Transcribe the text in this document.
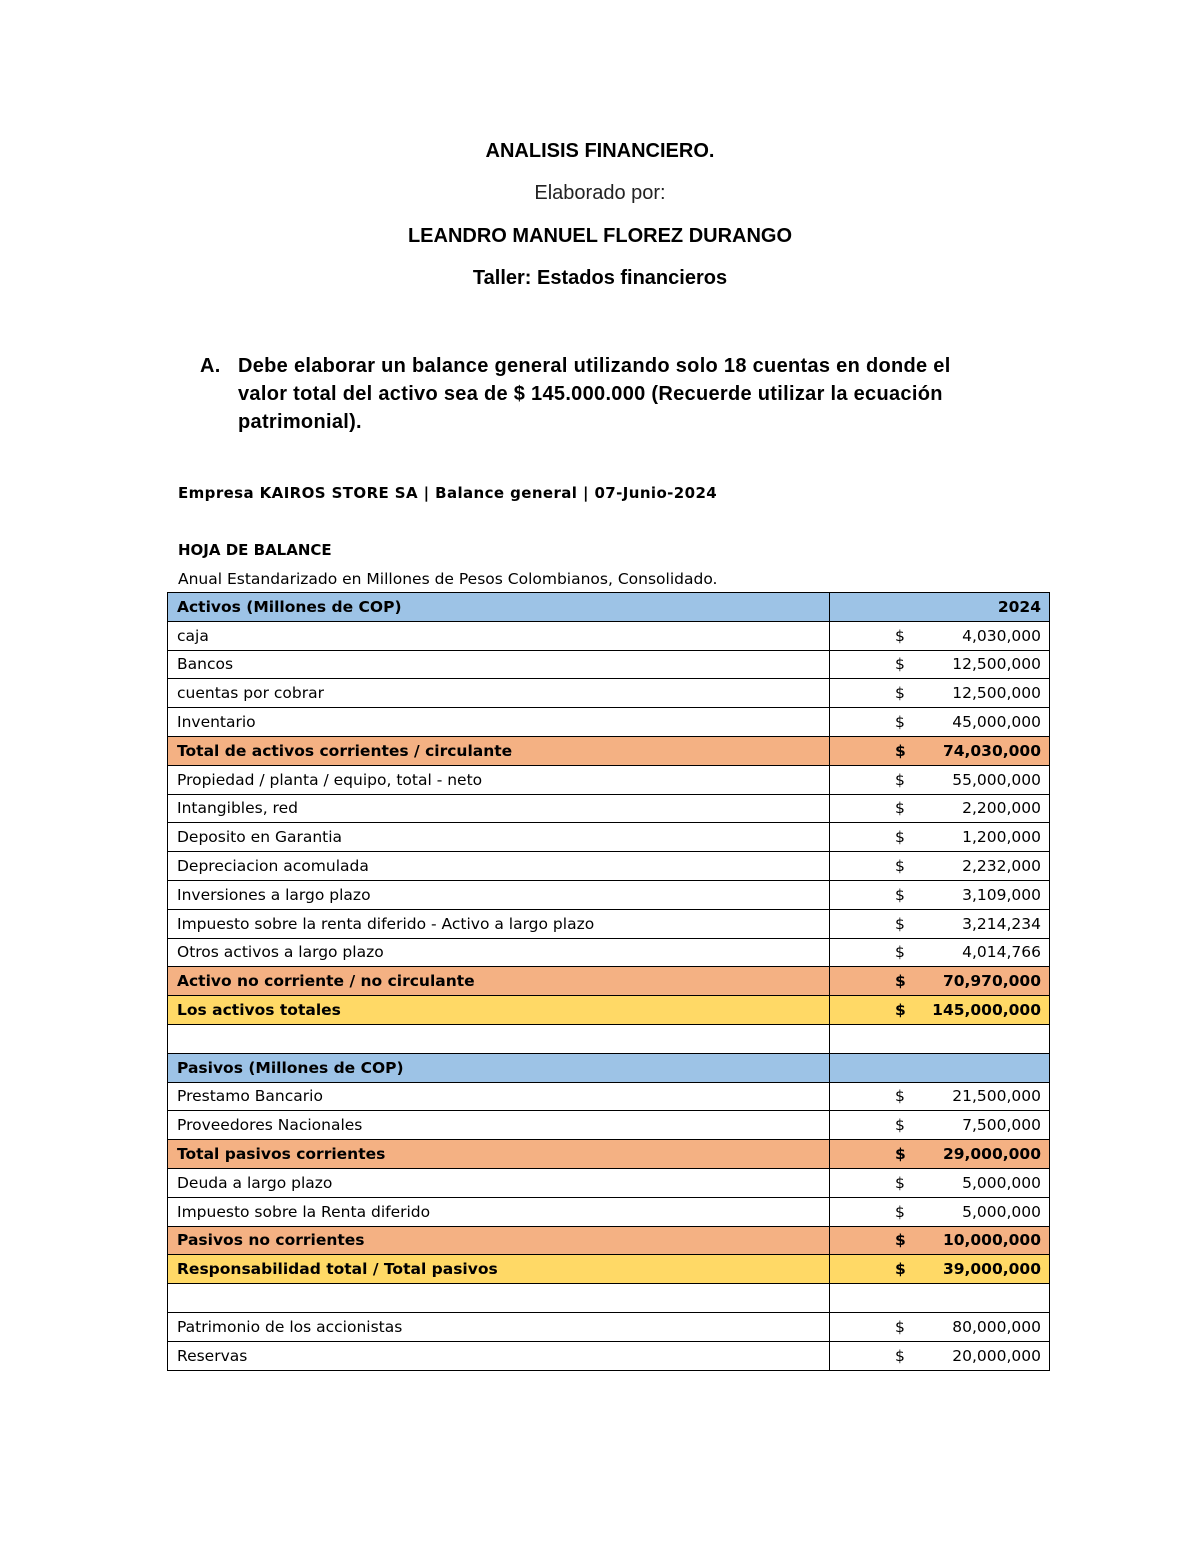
ANALISIS FINANCIERO.
Elaborado por:
LEANDRO MANUEL FLOREZ DURANGO
Taller: Estados financieros
A. Debe elaborar un balance general utilizando solo 18 cuentas en donde el valor total del activo sea de $ 145.000.000 (Recuerde utilizar la ecuación patrimonial).
Empresa KAIROS STORE SA | Balance general | 07-Junio-2024
HOJA DE BALANCE
Anual Estandarizado en Millones de Pesos Colombianos, Consolidado.
Activos (Millones de COP)	2024
caja	$ 4,030,000

Bancos	$ 12,500,000

cuentas por cobrar	$ 12,500,000

Inventario	$ 45,000,000

Total de activos corrientes / circulante	$ 74,030,000

Propiedad / planta / equipo, total - neto	$ 55,000,000

Intangibles, red	$ 2,200,000

Deposito en Garantia	$ 1,200,000

Depreciacion acomulada	$ 2,232,000

Inversiones a largo plazo	$ 3,109,000

Impuesto sobre la renta diferido - Activo a largo plazo	$ 3,214,234

Otros activos a largo plazo	$ 4,014,766

Activo no corriente / no circulante	$ 70,970,000

Los activos totales	$ 145,000,000

Pasivos (Millones de COP)	
Prestamo Bancario	$ 21,500,000

Proveedores Nacionales	$ 7,500,000

Total pasivos corrientes	$ 29,000,000

Deuda a largo plazo	$ 5,000,000

Impuesto sobre la Renta diferido	$ 5,000,000

Pasivos no corrientes	$ 10,000,000

Responsabilidad total / Total pasivos	$ 39,000,000

Patrimonio de los accionistas	$ 80,000,000

Reservas	$ 20,000,000
